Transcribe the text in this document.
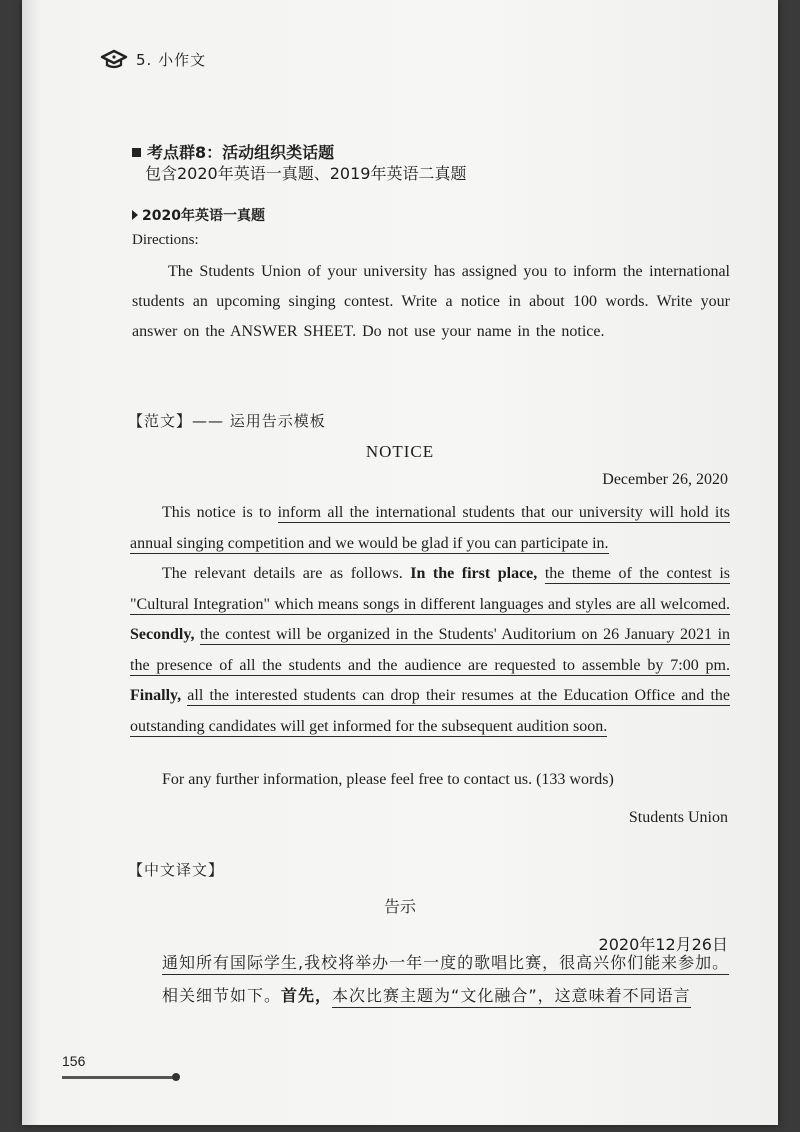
5. 小作文
考点群8：活动组织类话题
包含2020年英语一真题、2019年英语二真题
2020年英语一真题
Directions:
The Students Union of your university has assigned you to inform the international students an upcoming singing contest. Write a notice in about 100 words. Write your answer on the ANSWER SHEET. Do not use your name in the notice.
【范文】—— 运用告示模板
NOTICE
December 26, 2020

This notice is to inform all the international students that our university will hold its annual singing competition and we would be glad if you can participate in.

The relevant details are as follows. In the first place, the theme of the contest is "Cultural Integration" which means songs in different languages and styles are all welcomed. Secondly, the contest will be organized in the Students' Auditorium on 26 January 2021 in the presence of all the students and the audience are requested to assemble by 7:00 pm. Finally, all the interested students can drop their resumes at the Education Office and the outstanding candidates will get informed for the subsequent audition soon.

For any further information, please feel free to contact us. (133 words)
Students Union
【中文译文】
告示
2020年12月26日

通知所有国际学生,我校将举办一年一度的歌唱比赛，很高兴你们能来参加。

相关细节如下。首先，本次比赛主题为“文化融合”，这意味着不同语言

156
